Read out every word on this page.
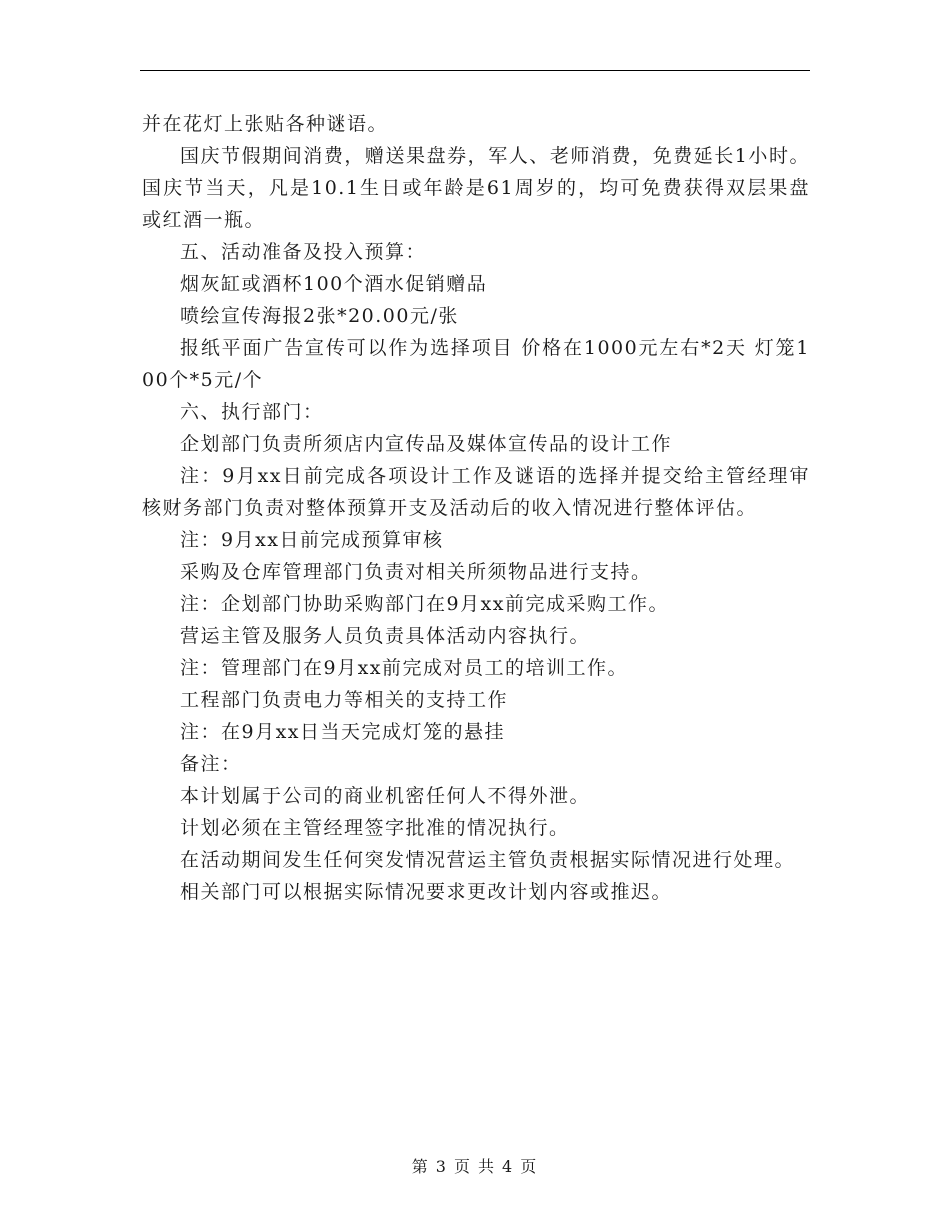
并在花灯上张贴各种谜语。

国庆节假期间消费，赠送果盘券，军人、老师消费，免费延长1小时。 国庆节当天，凡是10.1生日或年龄是61周岁的，均可免费获得双层果盘或红酒一瓶。

五、活动准备及投入预算：

烟灰缸或酒杯100个酒水促销赠品

喷绘宣传海报2张*20.00元/张

报纸平面广告宣传可以作为选择项目 价格在1000元左右*2天 灯笼100个*5元/个

六、执行部门：

企划部门负责所须店内宣传品及媒体宣传品的设计工作

注：9月xx日前完成各项设计工作及谜语的选择并提交给主管经理审核财务部门负责对整体预算开支及活动后的收入情况进行整体评估。

注：9月xx日前完成预算审核

采购及仓库管理部门负责对相关所须物品进行支持。

注：企划部门协助采购部门在9月xx前完成采购工作。

营运主管及服务人员负责具体活动内容执行。

注：管理部门在9月xx前完成对员工的培训工作。

工程部门负责电力等相关的支持工作

注：在9月xx日当天完成灯笼的悬挂

备注：

本计划属于公司的商业机密任何人不得外泄。

计划必须在主管经理签字批准的情况执行。

在活动期间发生任何突发情况营运主管负责根据实际情况进行处理。

相关部门可以根据实际情况要求更改计划内容或推迟。

第 3 页 共 4 页
